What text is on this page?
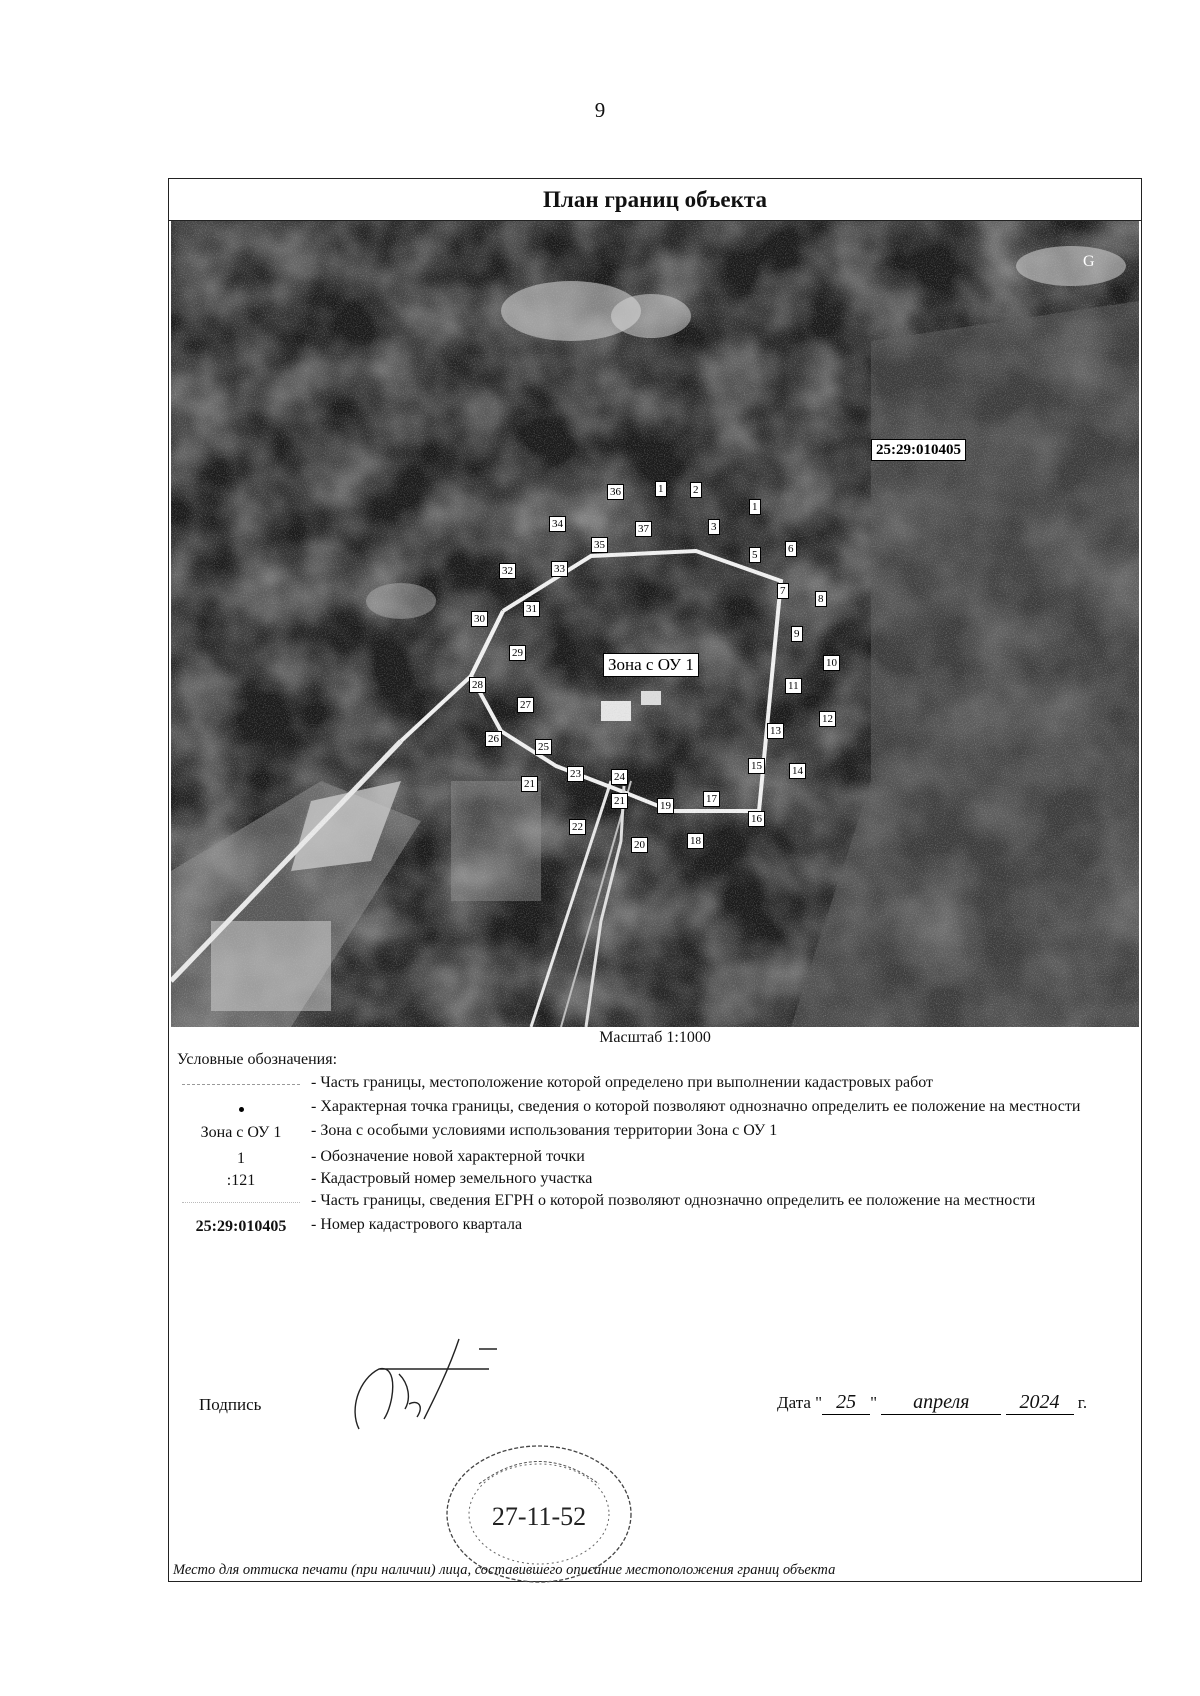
9
План границ объекта
25:29:010405
Зона с ОУ 1
1
1
2
3
5	6
7
8
9
10
11
12
13
14
15
16
17
18
19
20
21
21
22
23	24
25
26
27
28
29
30
31
32	33
34
35
36
37
G
Масштаб 1:1000
Условные обозначения:
- Часть границы, местоположение которой определено при выполнении кадастровых работ
- Характерная точка границы, сведения о которой позволяют однозначно определить ее положение на местности
Зона с ОУ 1	- Зона с особыми условиями использования территории Зона с ОУ 1
1	- Обозначение новой характерной точки
:121	- Кадастровый номер земельного участка
- Часть границы, сведения ЕГРН о которой позволяют однозначно определить ее положение на местности
25:29:010405	- Номер кадастрового квартала
Подпись
27-11-52
Дата " 25 " апреля	2024 г.
Место для оттиска печати (при наличии) лица, составившего описание местоположения границ объекта
